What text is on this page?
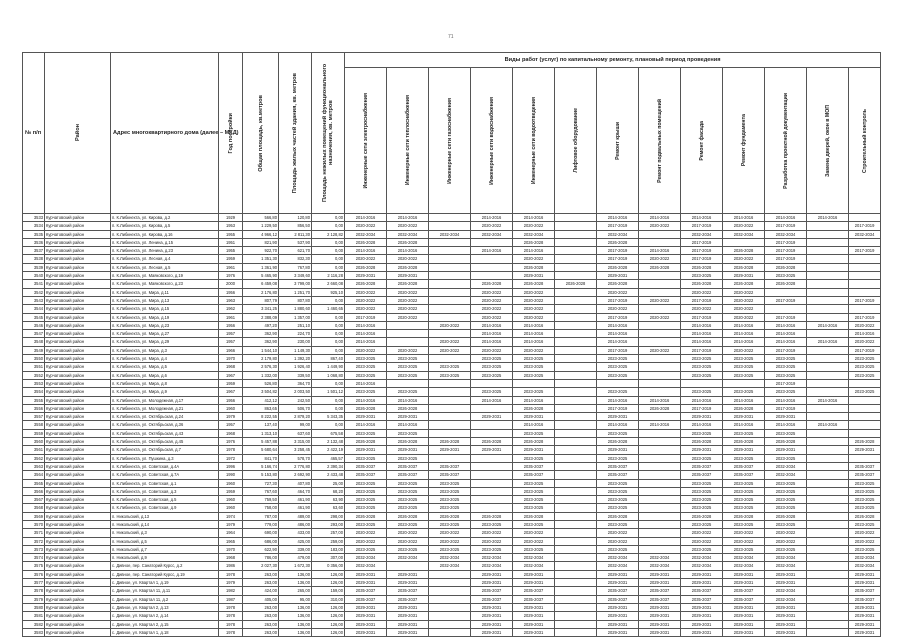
71
№ п/п	Район	Адрес многоквартирного дома (далее – МКД)	Год постройки	Общая площадь, кв.метров	Площадь жилых частей здания, кв. метров	Площадь нежилых помещений функционального назначения, кв. метров	Виды работ (услуг) по капитальному ремонту, плановый период проведения												

							Инженерные сети электроснабжения	Инженерные сети теплоснабжения	Инженерные сети газоснабжения	Инженерные сети водоснабжения	Инженерные сети водоотведения	Лифтовое оборудование	Ремонт крыши	Ремонт подвальных помещений	Ремонт фасада	Ремонт фундамента	Разработка проектной документации	Замена дверей, окон в МОП	Строительный контроль

3533	Курчатовский район	п. К.Либкнехта, ул. Кирова, д.2	1929	566,80	120,80	0,00	2014-2016	2014-2016		2014-2016	2014-2016		2014-2016	2014-2016	2014-2016	2014-2016	2014-2016	2014-2016	
3534	Курчатовский район	п. К.Либкнехта, ул. Кирова, д.5	1953	1 229,50	856,50	0,00	2020-2022	2020-2022		2020-2022	2020-2022		2017-2019	2020-2022	2017-2019	2020-2022	2017-2019		2017-2019
3535	Курчатовский район	п. К.Либкнехта, ул. Кирова, д.16	1955	4 966,12	2 811,30	2 128,82	2032-2034	2032-2034	2032-2034	2032-2034	2032-2034		2032-2034		2032-2034	2032-2034	2032-2034		2032-2034
3536	Курчатовский район	п. К.Либкнехта, ул. Ленина, д.15	1951	821,90	537,90	0,00	2026-2028	2026-2028			2026-2028		2026-2028		2017-2019		2017-2019		
3537	Курчатовский район	п. К.Либкнехта, ул. Ленина, д.23	1955	922,70	621,70	0,00	2014-2016	2014-2016		2014-2016	2014-2016		2017-2019	2014-2016	2017-2019	2026-2028	2017-2019		2017-2019
3538	Курчатовский район	п. К.Либкнехта, ул. Лесная, д.4	1959	1 351,30	832,30	0,00	2020-2022	2020-2022			2020-2022		2017-2019	2020-2022	2017-2019	2020-2022	2017-2019		
3539	Курчатовский район	п. К.Либкнехта, ул. Лесная, д.5	1961	1 361,90	767,80	0,00	2026-2028	2026-2028			2026-2028		2026-2028	2026-2028	2026-2028	2026-2028	2026-2028		
3540	Курчатовский район	п. К.Либкнехта, ул. Маяковского, д.19	1976	5 465,90	3 349,60	2 116,28	2029-2031	2029-2031			2029-2031		2029-2031		2023-2025	2029-2031	2023-2025		
3541	Курчатовский район	п. К.Либкнехта, ул. Маяковского, д.23	2000	6 459,08	3 799,00	2 660,08	2026-2028	2026-2028		2026-2028	2026-2028	2026-2028	2026-2028		2026-2028	2026-2028	2026-2028		
3542	Курчатовский район	п. К.Либкнехта, ул. Мира, д.11	1956	2 176,80	1 251,70	925,10	2020-2022	2020-2022		2020-2022	2020-2022		2020-2022		2020-2022	2020-2022			
3543	Курчатовский район	п. К.Либкнехта, ул. Мира, д.13	1963	807,79	807,80	0,00	2020-2022	2020-2022		2020-2022	2020-2022		2017-2019	2020-2022	2017-2019	2020-2022	2017-2019		2017-2019
3544	Курчатовский район	п. К.Либкнехта, ул. Мира, д.15	1962	3 341,25	1 880,60	1 460,65	2020-2022	2020-2022		2020-2022	2020-2022		2020-2022		2020-2022	2020-2022			
3545	Курчатовский район	п. К.Либкнехта, ул. Мира, д.19	1961	2 388,09	1 357,00	0,00	2017-2019	2020-2022		2020-2022	2020-2022		2017-2019	2020-2022	2017-2019	2020-2022	2017-2019		2017-2019
3546	Курчатовский район	п. К.Либкнехта, ул. Мира, д.23	1956	497,20	251,10	0,00	2014-2016		2020-2022	2014-2016	2014-2016		2014-2016		2014-2016	2014-2016	2014-2016	2014-2016	2020-2022
3547	Курчатовский район	п. К.Либкнехта, ул. Мира, д.27	1957	362,90	224,70	0,00	2014-2016			2014-2016	2014-2016		2014-2016		2014-2016	2014-2016	2014-2016		2014-2016
3548	Курчатовский район	п. К.Либкнехта, ул. Мира, д.29	1957	362,90	230,00	0,00	2014-2016		2020-2022	2014-2016	2014-2016		2014-2016		2014-2016	2014-2016	2014-2016	2014-2016	2020-2022
3549	Курчатовский район	п. К.Либкнехта, ул. Мира, д.3	1966	1 544,10	1 149,30	0,00	2020-2022	2020-2022	2020-2022	2020-2022	2020-2022		2017-2019	2020-2022	2017-2019	2020-2022	2017-2019		2017-2019
3550	Курчатовский район	п. К.Либкнехта, ул. Мира, д.4	1970	2 179,80	1 392,20	867,40	2023-2025	2023-2025		2023-2025	2023-2025		2023-2025		2023-2025	2023-2025	2023-2025		2023-2025
3551	Курчатовский район	п. К.Либкнехта, ул. Мира, д.5	1968	2 576,30	1 926,40	1 449,90	2023-2025	2023-2025	2023-2025	2023-2025	2023-2025		2023-2025		2023-2025	2023-2025	2023-2025		2023-2025
3552	Курчатовский район	п. К.Либкнехта, ул. Мира, д.6	1967	1 332,00	339,50	1 068,80	2023-2025	2023-2025	2023-2025	2023-2025	2023-2025		2023-2025		2023-2025	2023-2025	2023-2025		2023-2025
3553	Курчатовский район	п. К.Либкнехта, ул. Мира, д.8	1959	526,80	364,70	0,00	2014-2016										2017-2019		
3554	Курчатовский район	п. К.Либкнехта, ул. Мира, д.9	1967	3 504,82	2 003,50	1 501,12	2023-2025	2023-2025		2023-2025	2023-2025		2023-2025		2023-2025	2023-2025	2023-2025		2023-2025
3555	Курчатовский район	п. К.Либкнехта, ул. Молодежная, д.17	1956	412,12	242,50	0,00	2014-2016	2014-2016		2014-2016	2014-2016		2014-2016	2014-2016	2014-2016	2014-2016	2014-2016	2014-2016	
3556	Курчатовский район	п. К.Либкнехта, ул. Молодежная, д.21	1960	863,65	506,70	0,00	2026-2028	2026-2028			2026-2028		2017-2019	2026-2028	2017-2019	2026-2028	2017-2019		
3557	Курчатовский район	п. К.Либкнехта, ул. Октябрьская, д.24	1979	8 222,55	2 879,20	5 343,35	2029-2031	2029-2031		2029-2031	2029-2031		2029-2031		2029-2031	2029-2031	2029-2031		
3558	Курчатовский район	п. К.Либкнехта, ул. Октябрьская, д.36	1957	137,40	99,00	0,00	2014-2016	2014-2016			2014-2016		2014-2016	2014-2016	2014-2016	2014-2016	2014-2016	2014-2016	
3559	Курчатовский район	п. К.Либкнехта, ул. Октябрьская, д.43	1968	1 313,10	637,60	675,58	2023-2025	2023-2025			2023-2025		2023-2025		2023-2025	2023-2025	2023-2025		
3560	Курчатовский район	п. К.Либкнехта, ул. Октябрьская, д.45	1976	5 457,88	3 315,00	2 132,48	2026-2028	2026-2028	2026-2028	2026-2028	2026-2028		2026-2028		2026-2028	2026-2028	2026-2028		2026-2028
3561	Курчатовский район	п. К.Либкнехта, ул. Октябрьская, д.7	1978	5 680,64	3 258,45	2 422,19	2029-2031	2029-2031	2029-2031	2029-2031	2029-2031		2029-2031		2029-2031	2029-2031	2029-2031		2029-2031
3562	Курчатовский район	п. К.Либкнехта, ул. Пушкина, д.3	1972	841,70	578,70	465,57	2023-2025	2023-2025			2023-2025		2023-2025		2023-2025	2023-2025	2023-2025		
3563	Курчатовский район	п. К.Либкнехта, ул. Советская, д.4А	1996	5 166,74	2 776,80	2 390,34	2035-2037	2035-2037	2035-2037		2035-2037		2035-2037		2035-2037	2035-2037	2032-2034		2035-2037
3564	Курчатовский район	п. К.Либкнехта, ул. Советская, д.7А	1990	5 153,80	2 692,90	2 433,48	2035-2037	2035-2037	2035-2037		2035-2037		2035-2037		2035-2037	2035-2037	2032-2034		2035-2037
3565	Курчатовский район	п. К.Либкнехта, ул. Советская, д.1	1960	727,30	407,80	25,00	2023-2025	2023-2025	2023-2025		2023-2025		2023-2025		2023-2025	2023-2025	2023-2025		2023-2025
3566	Курчатовский район	п. К.Либкнехта, ул. Советская, д.3	1959	767,60	464,70	68,20	2023-2025	2023-2025	2023-2025		2023-2025		2023-2025		2023-2025	2023-2025	2023-2025		2023-2025
3567	Курчатовский район	п. К.Либкнехта, ул. Советская, д.5	1960	759,50	461,90	63,90	2023-2025	2023-2025	2023-2025		2023-2025		2023-2025		2023-2025	2023-2025	2023-2025		2023-2025
3568	Курчатовский район	п. К.Либкнехта, ул. Советская, д.9	1960	758,00	461,90	63,60	2023-2025	2023-2025	2023-2025		2023-2025		2023-2025		2023-2025	2023-2025	2023-2025		2023-2025
3569	Курчатовский район	п. Никольский, д.13	1974	787,00	489,00	298,00	2026-2028	2026-2028	2026-2028	2026-2028	2026-2028		2026-2028		2026-2028	2026-2028	2026-2028		2026-2028
3570	Курчатовский район	п. Никольский, д.14	1979	779,00	486,00	293,00	2023-2025	2023-2025	2023-2025	2023-2025	2023-2025		2023-2025		2023-2025	2023-2025	2023-2025		2023-2025
3571	Курчатовский район	п. Никольский, д.3	1964	690,00	433,00	257,00	2020-2022	2020-2022	2020-2022	2020-2022	2020-2022		2020-2022		2020-2022	2020-2022	2020-2022		2020-2022
3572	Курчатовский район	п. Никольский, д.5	1965	686,00	425,00	259,00	2020-2022	2020-2022	2020-2022	2020-2022	2020-2022		2020-2022		2020-2022	2020-2022	2020-2022		2020-2022
3573	Курчатовский район	п. Никольский, д.7	1970	622,90	339,00	183,00	2023-2025	2023-2025	2023-2025	2023-2025	2023-2025		2023-2025		2023-2025	2023-2025	2023-2025		2023-2025
3574	Курчатовский район	п. Никольский, д.9	1968	786,00	479,00	307,00	2032-2034	2032-2034	2032-2034	2032-2034	2032-2034		2032-2034	2032-2034	2032-2034	2032-2034	2032-2034		2032-2034
3575	Курчатовский район	с. Дивное, пер. Санаторий Курсс, д.2	1986	2 027,30	1 672,30	0 356,00	2032-2034		2032-2034	2032-2034	2032-2034		2032-2034	2032-2034	2032-2034	2032-2034	2032-2034		2032-2034
3576	Курчатовский район	с. Дивное, пер. Санаторий Курсс, д.19	1978	263,00	136,00	126,00	2029-2031	2029-2031		2029-2031	2029-2031		2029-2031	2029-2031	2029-2031	2029-2031	2029-2031		2029-2031
3577	Курчатовский район	с. Дивное, ул. Квартал 1, д.19	1979	263,00	136,00	126,00	2029-2031	2029-2031		2029-2031	2029-2031		2029-2031	2029-2031	2029-2031	2029-2031	2029-2031		2029-2031
3578	Курчатовский район	с. Дивное, ул. Квартал 11, д.11	1982	424,00	265,00	159,00	2035-2037	2035-2037		2035-2037	2035-2037		2035-2037	2035-2037	2035-2037	2035-2037	2032-2034		2035-2037
3579	Курчатовский район	с. Дивное, ул. Квартал 11, д.2	1987	405,00	95,00	310,00	2035-2037	2035-2037		2035-2037	2035-2037		2035-2037	2035-2037	2035-2037	2035-2037	2032-2034		2035-2037
3580	Курчатовский район	с. Дивное, ул. Квартал 2, д.13	1978	263,00	136,00	126,00	2029-2031	2029-2031		2029-2031	2029-2031		2029-2031	2029-2031	2029-2031	2029-2031	2029-2031		2029-2031
3581	Курчатовский район	с. Дивное, ул. Квартал 2, д.14	1978	263,00	136,00	126,00	2029-2031	2029-2031		2029-2031	2029-2031		2029-2031	2029-2031	2029-2031	2029-2031	2029-2031		2029-2031
3582	Курчатовский район	с. Дивное, ул. Квартал 2, д.15	1978	263,00	136,00	126,00	2029-2031	2029-2031		2029-2031	2029-2031		2029-2031	2029-2031	2029-2031	2029-2031	2029-2031		2029-2031
3583	Курчатовский район	с. Дивное, ул. Квартал 1, д.18	1978	263,00	136,00	126,00	2029-2031	2029-2031		2029-2031	2029-2031		2029-2031	2029-2031	2029-2031	2029-2031	2029-2031		2029-2031
